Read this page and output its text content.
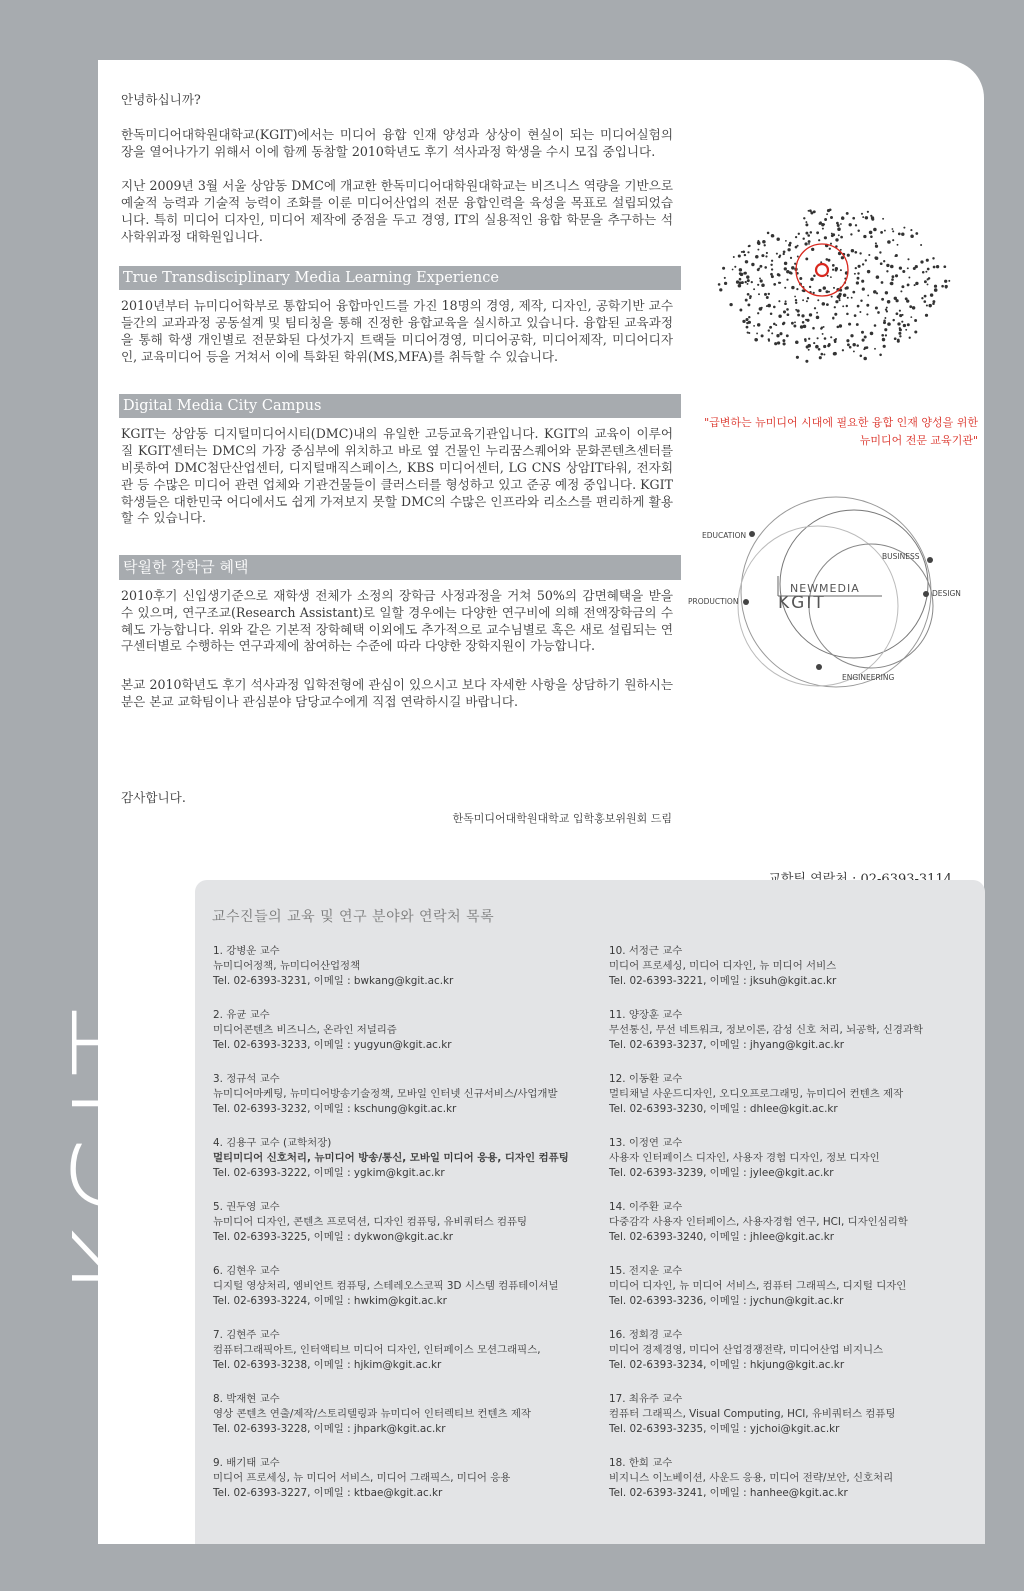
KGIT

안녕하십니까?

한독미디어대학원대학교(KGIT)에서는 미디어 융합 인재 양성과 상상이 현실이 되는 미디어실험의 장을 열어나가기 위해서 이에 함께 동참할 2010학년도 후기 석사과정 학생을 수시 모집 중입니다.

지난 2009년 3월 서울 상암동 DMC에 개교한 한독미디어대학원대학교는 비즈니스 역량을 기반으로 예술적 능력과 기술적 능력이 조화를 이룬 미디어산업의 전문 융합인력을 육성을 목표로 설립되었습니다. 특히 미디어 디자인, 미디어 제작에 중점을 두고 경영, IT의 실용적인 융합 학문을 추구하는 석사학위과정 대학원입니다.

True Transdisciplinary Media Learning Experience

2010년부터 뉴미디어학부로 통합되어 융합마인드를 가진 18명의 경영, 제작, 디자인, 공학기반 교수들간의 교과과정 공동설계 및 팀티칭을 통해 진정한 융합교육을 실시하고 있습니다. 융합된 교육과정을 통해 학생 개인별로 전문화된 다섯가지 트랙들 미디어경영, 미디어공학, 미디어제작, 미디어디자인, 교육미디어 등을 거쳐서 이에 특화된 학위(MS,MFA)를 취득할 수 있습니다.

Digital Media City Campus

KGIT는 상암동 디지털미디어시티(DMC)내의 유일한 고등교육기관입니다. KGIT의 교육이 이루어질 KGIT센터는 DMC의 가장 중심부에 위치하고 바로 옆 건물인 누리꿈스퀘어와 문화콘텐츠센터를 비롯하여 DMC첨단산업센터, 디지털매직스페이스, KBS 미디어센터, LG CNS 상암IT타워, 전자회관 등 수많은 미디어 관련 업체와 기관건물들이 클러스터를 형성하고 있고 준공 예정 중입니다. KGIT학생들은 대한민국 어디에서도 쉽게 가져보지 못할 DMC의 수많은 인프라와 리소스를 편리하게 활용할 수 있습니다.

탁월한 장학금 혜택

2010후기 신입생기준으로 재학생 전체가 소정의 장학금 사정과정을 거쳐 50%의 감면혜택을 받을 수 있으며, 연구조교(Research Assistant)로 일할 경우에는 다양한 연구비에 의해 전액장학금의 수혜도 가능합니다. 위와 같은 기본적 장학혜택 이외에도 추가적으로 교수님별로 혹은 새로 설립되는 연구센터별로 수행하는 연구과제에 참여하는 수준에 따라 다양한 장학지원이 가능합니다.

본교 2010학년도 후기 석사과정 입학전형에 관심이 있으시고 보다 자세한 사항을 상담하기 원하시는 분은 본교 교학팀이나 관심분야 담당교수에게 직접 연락하시길 바랍니다.

감사합니다.
한독미디어대학원대학교 입학홍보위원회 드림
"급변하는 뉴미디어 시대에 필요한 융합 인재 양성을 위한
뉴미디어 전문 교육기관"
EDUCATION
BUSINESS
PRODUCTION
DESIGN
ENGINEERING
NEWMEDIA
KGIT
교수진들의 교육 및 연구 분야와 연락처 목록
1. 강병운 교수
뉴미디어정책, 뉴미디어산업정책
Tel. 02-6393-3231, 이메일 : bwkang@kgit.ac.kr
2. 유균 교수
미디어콘텐츠 비즈니스, 온라인 저널리즘
Tel. 02-6393-3233, 이메일 : yugyun@kgit.ac.kr
3. 정규석 교수
뉴미디어마케팅, 뉴미디어방송기술정책, 모바일 인터넷 신규서비스/사업개발
Tel. 02-6393-3232, 이메일 : kschung@kgit.ac.kr
4. 김용구 교수 (교학처장)
멀티미디어 신호처리, 뉴미디어 방송/통신, 모바일 미디어 응용, 디자인 컴퓨팅
Tel. 02-6393-3222, 이메일 : ygkim@kgit.ac.kr
5. 권두영 교수
뉴미디어 디자인, 콘텐츠 프로덕션, 디자인 컴퓨팅, 유비쿼터스 컴퓨팅
Tel. 02-6393-3225, 이메일 : dykwon@kgit.ac.kr
6. 김현우 교수
디지털 영상처리, 엠비언트 컴퓨팅, 스테레오스코픽 3D 시스템 컴퓨테이셔널
Tel. 02-6393-3224, 이메일 : hwkim@kgit.ac.kr
7. 김현주 교수
컴퓨터그래픽아트, 인터액티브 미디어 디자인, 인터페이스 모션그래픽스,
Tel. 02-6393-3238, 이메일 : hjkim@kgit.ac.kr
8. 박재현 교수
영상 콘텐츠 연출/제작/스토리텔링과 뉴미디어 인터렉티브 컨텐츠 제작
Tel. 02-6393-3228, 이메일 : jhpark@kgit.ac.kr
9. 배기태 교수
미디어 프로세싱, 뉴 미디어 서비스, 미디어 그래픽스, 미디어 응용
Tel. 02-6393-3227, 이메일 : ktbae@kgit.ac.kr
10. 서정근 교수
미디어 프로세싱, 미디어 디자인, 뉴 미디어 서비스
Tel. 02-6393-3221, 이메일 : jksuh@kgit.ac.kr
11. 양장훈 교수
무선통신, 무선 네트워크, 정보이론, 감성 신호 처리, 뇌공학, 신경과학
Tel. 02-6393-3237, 이메일 : jhyang@kgit.ac.kr
12. 이동환 교수
멀티채널 사운드디자인, 오디오프로그래밍, 뉴미디어 컨텐츠 제작
Tel. 02-6393-3230, 이메일 : dhlee@kgit.ac.kr
13. 이정연 교수
사용자 인터페이스 디자인, 사용자 경험 디자인, 정보 디자인
Tel. 02-6393-3239, 이메일 : jylee@kgit.ac.kr
14. 이주환 교수
다중감각 사용자 인터페이스, 사용자경험 연구, HCI, 디자인심리학
Tel. 02-6393-3240, 이메일 : jhlee@kgit.ac.kr
15. 전지운 교수
미디어 디자인, 뉴 미디어 서비스, 컴퓨터 그래픽스, 디지털 디자인
Tel. 02-6393-3236, 이메일 : jychun@kgit.ac.kr
16. 정회경 교수
미디어 경제경영, 미디어 산업경쟁전략, 미디어산업 비지니스
Tel. 02-6393-3234, 이메일 : hkjung@kgit.ac.kr
17. 최유주 교수
컴퓨터 그래픽스, Visual Computing, HCI, 유비쿼터스 컴퓨팅
Tel. 02-6393-3235, 이메일 : yjchoi@kgit.ac.kr
18. 한희 교수
비지니스 이노베이션, 사운드 응용, 미디어 전략/보안, 신호처리
Tel. 02-6393-3241, 이메일 : hanhee@kgit.ac.kr
